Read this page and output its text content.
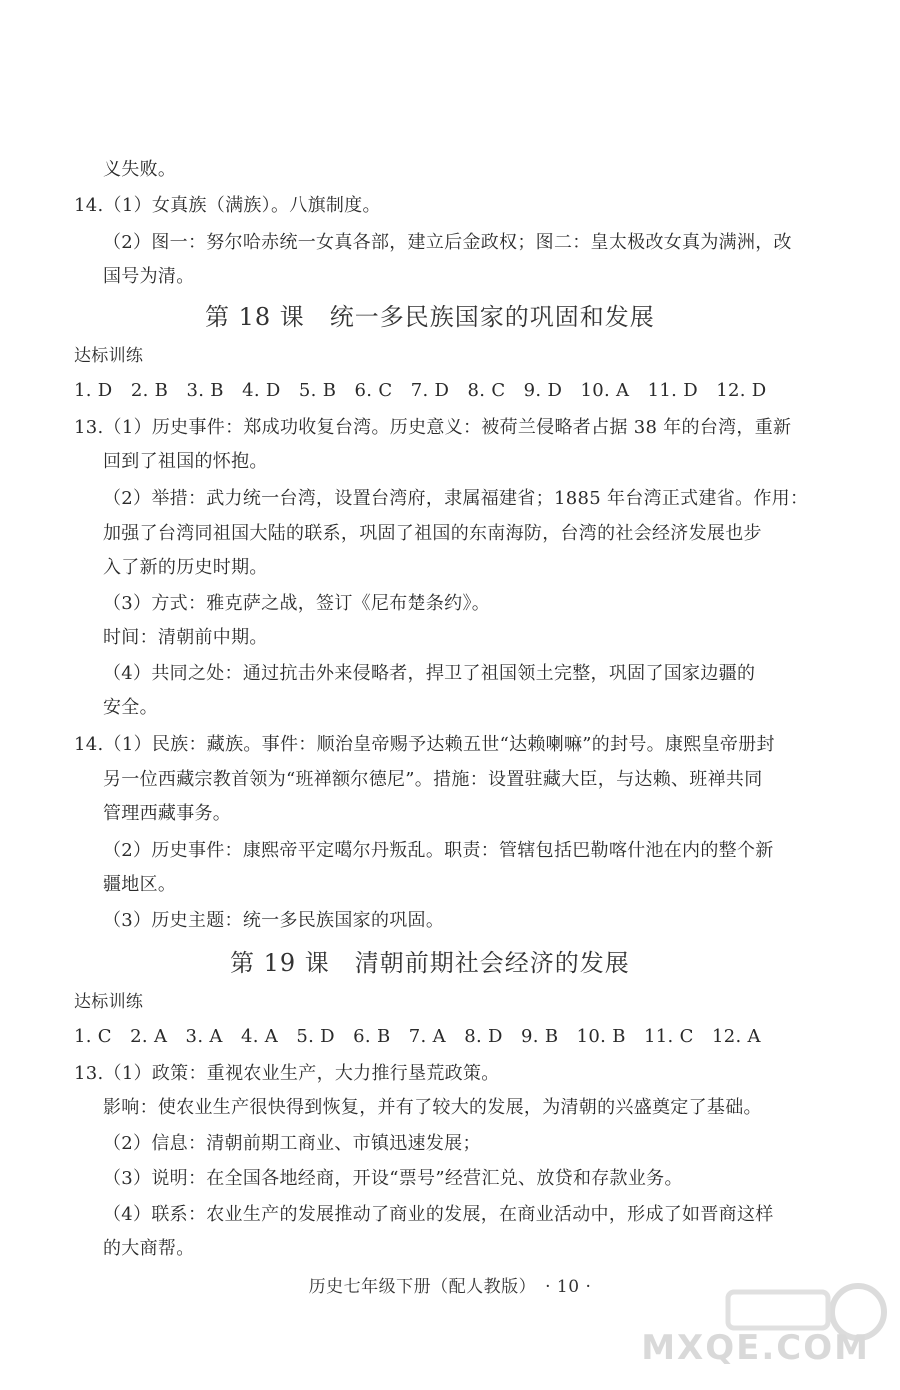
义失败。
14.（1）女真族（满族）。八旗制度。
（2）图一：努尔哈赤统一女真各部，建立后金政权；图二：皇太极改女真为满洲，改
国号为清。
第 18 课　统一多民族国家的巩固和发展
达标训练
1. D　2. B　3. B　4. D　5. B　6. C　7. D　8. C　9. D　10. A　11. D　12. D
13.（1）历史事件：郑成功收复台湾。历史意义：被荷兰侵略者占据 38 年的台湾，重新
回到了祖国的怀抱。
（2）举措：武力统一台湾，设置台湾府，隶属福建省；1885 年台湾正式建省。作用：
加强了台湾同祖国大陆的联系，巩固了祖国的东南海防，台湾的社会经济发展也步
入了新的历史时期。
（3）方式：雅克萨之战，签订《尼布楚条约》。
时间：清朝前中期。
（4）共同之处：通过抗击外来侵略者，捍卫了祖国领土完整，巩固了国家边疆的
安全。
14.（1）民族：藏族。事件：顺治皇帝赐予达赖五世“达赖喇嘛”的封号。康熙皇帝册封
另一位西藏宗教首领为“班禅额尔德尼”。措施：设置驻藏大臣，与达赖、班禅共同
管理西藏事务。
（2）历史事件：康熙帝平定噶尔丹叛乱。职责：管辖包括巴勒喀什池在内的整个新
疆地区。
（3）历史主题：统一多民族国家的巩固。
第 19 课　清朝前期社会经济的发展
达标训练
1. C　2. A　3. A　4. A　5. D　6. B　7. A　8. D　9. B　10. B　11. C　12. A
13.（1）政策：重视农业生产，大力推行垦荒政策。
影响：使农业生产很快得到恢复，并有了较大的发展，为清朝的兴盛奠定了基础。
（2）信息：清朝前期工商业、市镇迅速发展；
（3）说明：在全国各地经商，开设“票号”经营汇兑、放贷和存款业务。
（4）联系：农业生产的发展推动了商业的发展，在商业活动中，形成了如晋商这样
的大商帮。
历史七年级下册（配人教版）　· 10 ·
MXQE.COM
